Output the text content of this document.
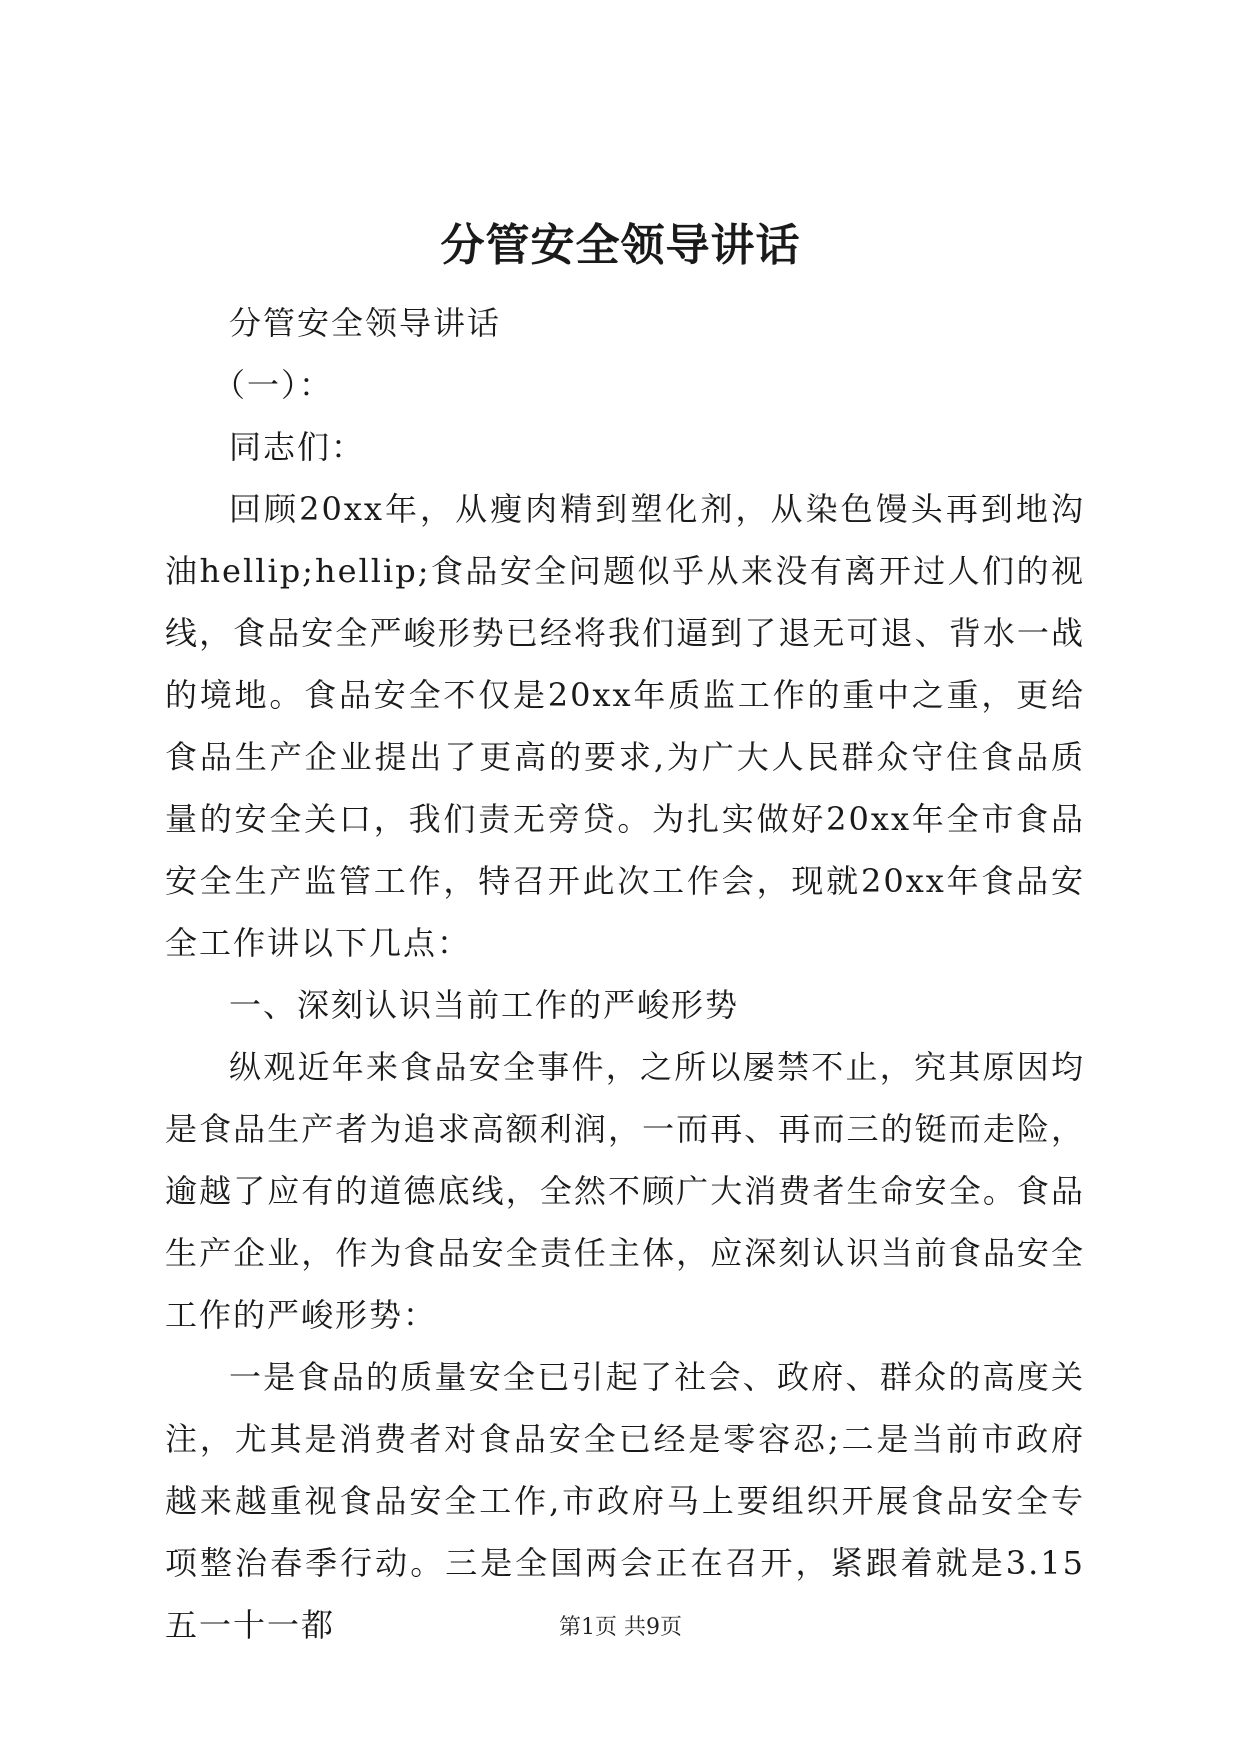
分管安全领导讲话

分管安全领导讲话

（一）：

同志们：

回顾20xx年，从瘦肉精到塑化剂，从染色馒头再到地沟油hellip;hellip;食品安全问题似乎从来没有离开过人们的视线，食品安全严峻形势已经将我们逼到了退无可退、背水一战的境地。食品安全不仅是20xx年质监工作的重中之重，更给食品生产企业提出了更高的要求,为广大人民群众守住食品质量的安全关口，我们责无旁贷。为扎实做好20xx年全市食品安全生产监管工作，特召开此次工作会，现就20xx年食品安全工作讲以下几点：

一、深刻认识当前工作的严峻形势

纵观近年来食品安全事件，之所以屡禁不止，究其原因均是食品生产者为追求高额利润，一而再、再而三的铤而走险，逾越了应有的道德底线，全然不顾广大消费者生命安全。食品生产企业，作为食品安全责任主体，应深刻认识当前食品安全工作的严峻形势：

一是食品的质量安全已引起了社会、政府、群众的高度关注，尤其是消费者对食品安全已经是零容忍;二是当前市政府越来越重视食品安全工作,市政府马上要组织开展食品安全专项整治春季行动。三是全国两会正在召开，紧跟着就是3.15五一十一都	第1页 共9页
